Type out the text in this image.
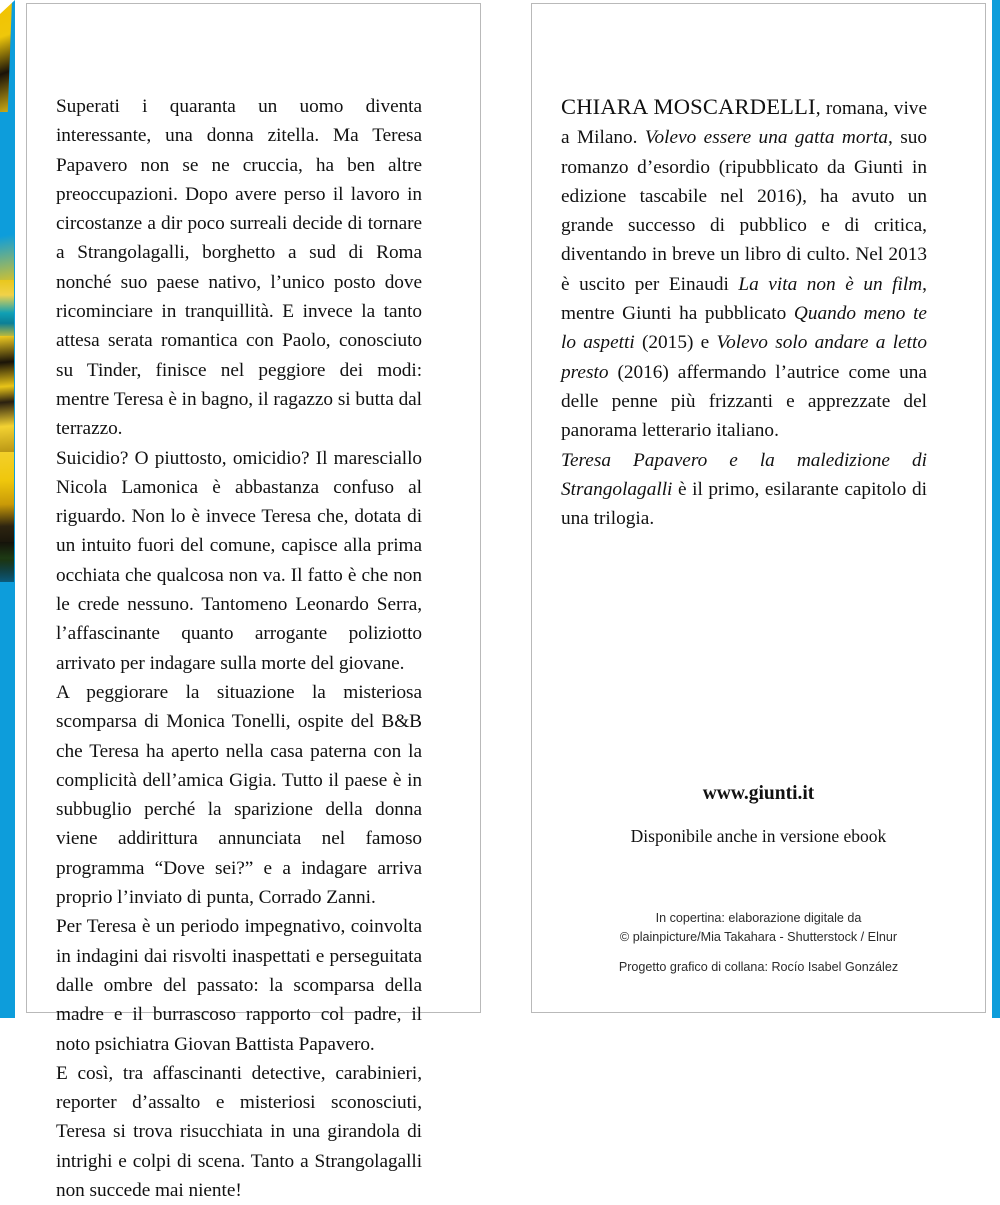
Superati i quaranta un uomo diventa interessante, una donna zitella. Ma Teresa Papavero non se ne cruccia, ha ben altre preoccupazioni. Dopo avere perso il lavoro in circostanze a dir poco surreali decide di tornare a Strangolagalli, borghetto a sud di Roma nonché suo paese nativo, l’unico posto dove ricominciare in tranquillità. E invece la tanto attesa serata romantica con Paolo, conosciuto su Tinder, finisce nel peggiore dei modi: mentre Teresa è in bagno, il ragazzo si butta dal terrazzo.

Suicidio? O piuttosto, omicidio? Il maresciallo Nicola Lamonica è abbastanza confuso al riguardo. Non lo è invece Teresa che, dotata di un intuito fuori del comune, capisce alla prima occhiata che qualcosa non va. Il fatto è che non le crede nessuno. Tantomeno Leonardo Serra, l’affascinante quanto arrogante poliziotto arrivato per indagare sulla morte del giovane.

A peggiorare la situazione la misteriosa scomparsa di Monica Tonelli, ospite del B&B che Teresa ha aperto nella casa paterna con la complicità dell’amica Gigia. Tutto il paese è in subbuglio perché la sparizione della donna viene addirittura annunciata nel famoso programma “Dove sei?” e a indagare arriva proprio l’inviato di punta, Corrado Zanni.

Per Teresa è un periodo impegnativo, coinvolta in indagini dai risvolti inaspettati e perseguitata dalle ombre del passato: la scomparsa della madre e il burrascoso rapporto col padre, il noto psichiatra Giovan Battista Papavero.

E così, tra affascinanti detective, carabinieri, reporter d’assalto e misteriosi sconosciuti, Teresa si trova risucchiata in una girandola di intrighi e colpi di scena. Tanto a Strangolagalli non succede mai niente!

CHIARA MOSCARDELLI, romana, vive a Milano. Volevo essere una gatta morta, suo romanzo d’esordio (ripubblicato da Giunti in edizione tascabile nel 2016), ha avuto un grande successo di pubblico e di critica, diventando in breve un libro di culto. Nel 2013 è uscito per Einaudi La vita non è un film, mentre Giunti ha pubblicato Quando meno te lo aspetti (2015) e Volevo solo andare a letto presto (2016) affermando l’autrice come una delle penne più frizzanti e apprezzate del panorama letterario italiano.

Teresa Papavero e la maledizione di Strangolagalli è il primo, esilarante capitolo di una trilogia.

www.giunti.it
Disponibile anche in versione ebook
In copertina: elaborazione digitale da
© plainpicture/Mia Takahara - Shutterstock / Elnur
Progetto grafico di collana: Rocío Isabel González
